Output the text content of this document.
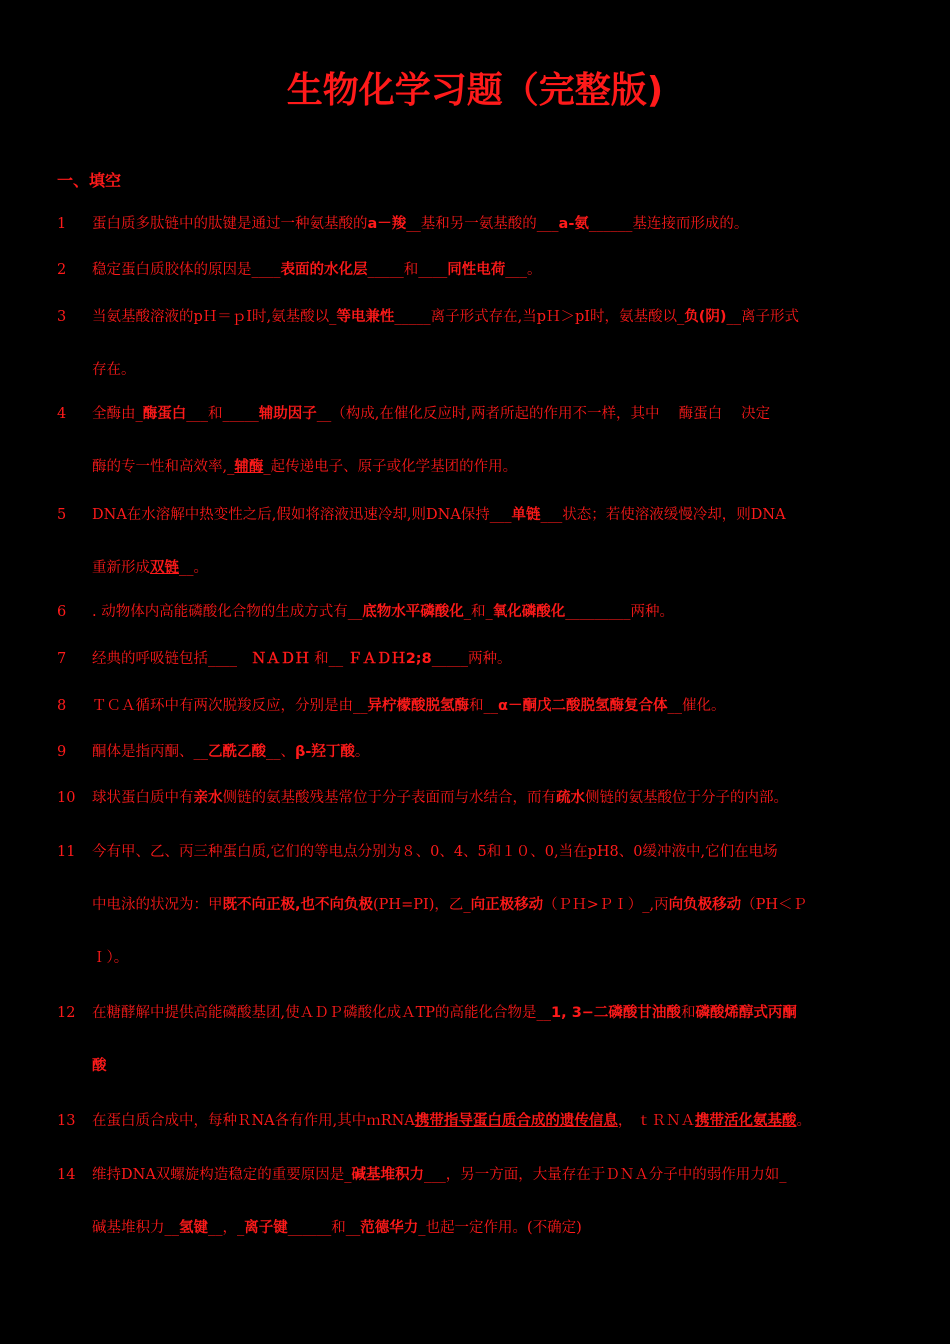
生物化学习题（完整版)
一、填空
1	蛋白质多肽链中的肽键是通过一种氨基酸的a－羧__基和另一氨基酸的___a-氨______基连接而形成的。
2	稳定蛋白质胶体的原因是____表面的水化层_____和____同性电荷___。
3	当氨基酸溶液的pＨ＝ｐI时,氨基酸以_等电兼性_____离子形式存在,当pＨ＞pI时，氨基酸以_负(阴)__离子形式
存在。
4	全酶由_酶蛋白___和_____辅助因子__（构成,在催化反应时,两者所起的作用不一样，其中　 酶蛋白 　决定
酶的专一性和高效率,_辅酶_起传递电子、原子或化学基团的作用。
5	DNA在水溶解中热变性之后,假如将溶液迅速冷却,则DNA保持___单链___状态；若使溶液缓慢冷却，则DNA
重新形成双链__。
6	. 动物体内高能磷酸化合物的生成方式有__底物水平磷酸化_和_氧化磷酸化_________两种。
7	经典的呼吸链包括____　ＮＡＤＨ 和__ ＦＡＤＨ2;8_____两种。
8	ＴＣＡ循环中有两次脱羧反应，分别是由__异柠檬酸脱氢酶和__α－酮戊二酸脱氢酶复合体__催化。
9	酮体是指丙酮、__乙酰乙酸__、β-羟丁酸。
10	球状蛋白质中有亲水侧链的氨基酸残基常位于分子表面而与水结合，而有疏水侧链的氨基酸位于分子的内部。
11	今有甲、乙、丙三种蛋白质,它们的等电点分别为８、0、4、5和１０、0,当在pH8、0缓冲液中,它们在电场
中电泳的状况为：甲既不向正极,也不向负极(PH=PI)，乙_向正极移动（ＰＨ>ＰＩ）_,丙向负极移动（PH＜Ｐ
Ｉ）。
12	在糖酵解中提供高能磷酸基团,使ＡＤＰ磷酸化成ＡTP的高能化合物是__1, 3−二磷酸甘油酸和磷酸烯醇式丙酮
酸
13	在蛋白质合成中，每种ＲNA各有作用,其中ｍRNA携带指导蛋白质合成的遗传信息， ｔＲＮＡ携带活化氨基酸。
14	维持DNA双螺旋构造稳定的重要原因是_碱基堆积力___，另一方面，大量存在于ＤＮＡ分子中的弱作用力如_
碱基堆积力__氢键__，_离子键______和__范德华力_也起一定作用。(不确定)
